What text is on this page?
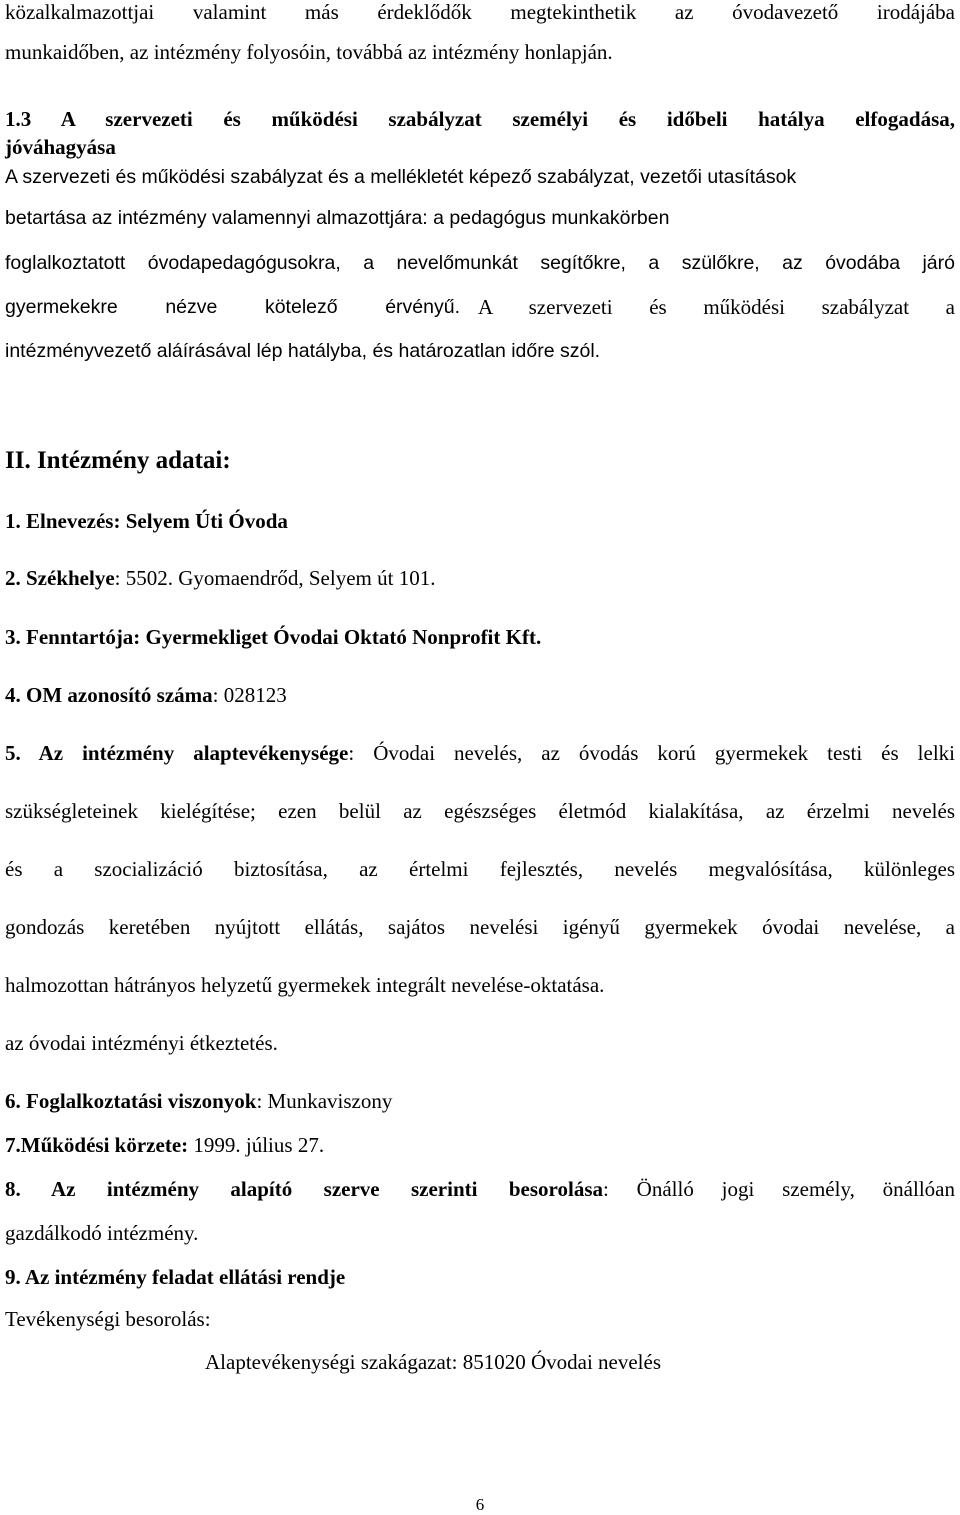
közalkalmazottjai valamint más érdeklődők megtekinthetik az óvodavezető irodájába
munkaidőben, az intézmény folyosóin, továbbá az intézmény honlapján.
1.3 A szervezeti és működési szabályzat személyi és időbeli hatálya elfogadása,
jóváhagyása
A szervezeti és működési szabályzat és a mellékletét képező szabályzat, vezetői utasítások
betartása az intézmény valamennyi almazottjára: a pedagógus munkakörben
foglalkoztatott óvodapedagógusokra, a nevelőmunkát segítőkre, a szülőkre, az óvodába járó
gyermekekre nézve kötelező érvényű. A szervezeti és működési szabályzat a
intézményvezető aláírásával lép hatályba, és határozatlan időre szól.
II. Intézmény adatai:
1. Elnevezés: Selyem Úti Óvoda
2. Székhelye: 5502. Gyomaendrőd, Selyem út 101.
3. Fenntartója: Gyermekliget Óvodai Oktató Nonprofit Kft.
4. OM azonosító száma: 028123
5. Az intézmény alaptevékenysége: Óvodai nevelés, az óvodás korú gyermekek testi és lelki
szükségleteinek kielégítése; ezen belül az egészséges életmód kialakítása, az érzelmi nevelés
és a szocializáció biztosítása, az értelmi fejlesztés, nevelés megvalósítása, különleges
gondozás keretében nyújtott ellátás, sajátos nevelési igényű gyermekek óvodai nevelése, a
halmozottan hátrányos helyzetű gyermekek integrált nevelése-oktatása.
az óvodai intézményi étkeztetés.
6. Foglalkoztatási viszonyok: Munkaviszony
7.Működési körzete: 1999. július 27.
8. Az intézmény alapító szerve szerinti besorolása : Önálló jogi személy, önállóan
gazdálkodó intézmény.
9. Az intézmény feladat ellátási rendje
Tevékenységi besorolás:
Alaptevékenységi szakágazat: 851020 Óvodai nevelés
6
